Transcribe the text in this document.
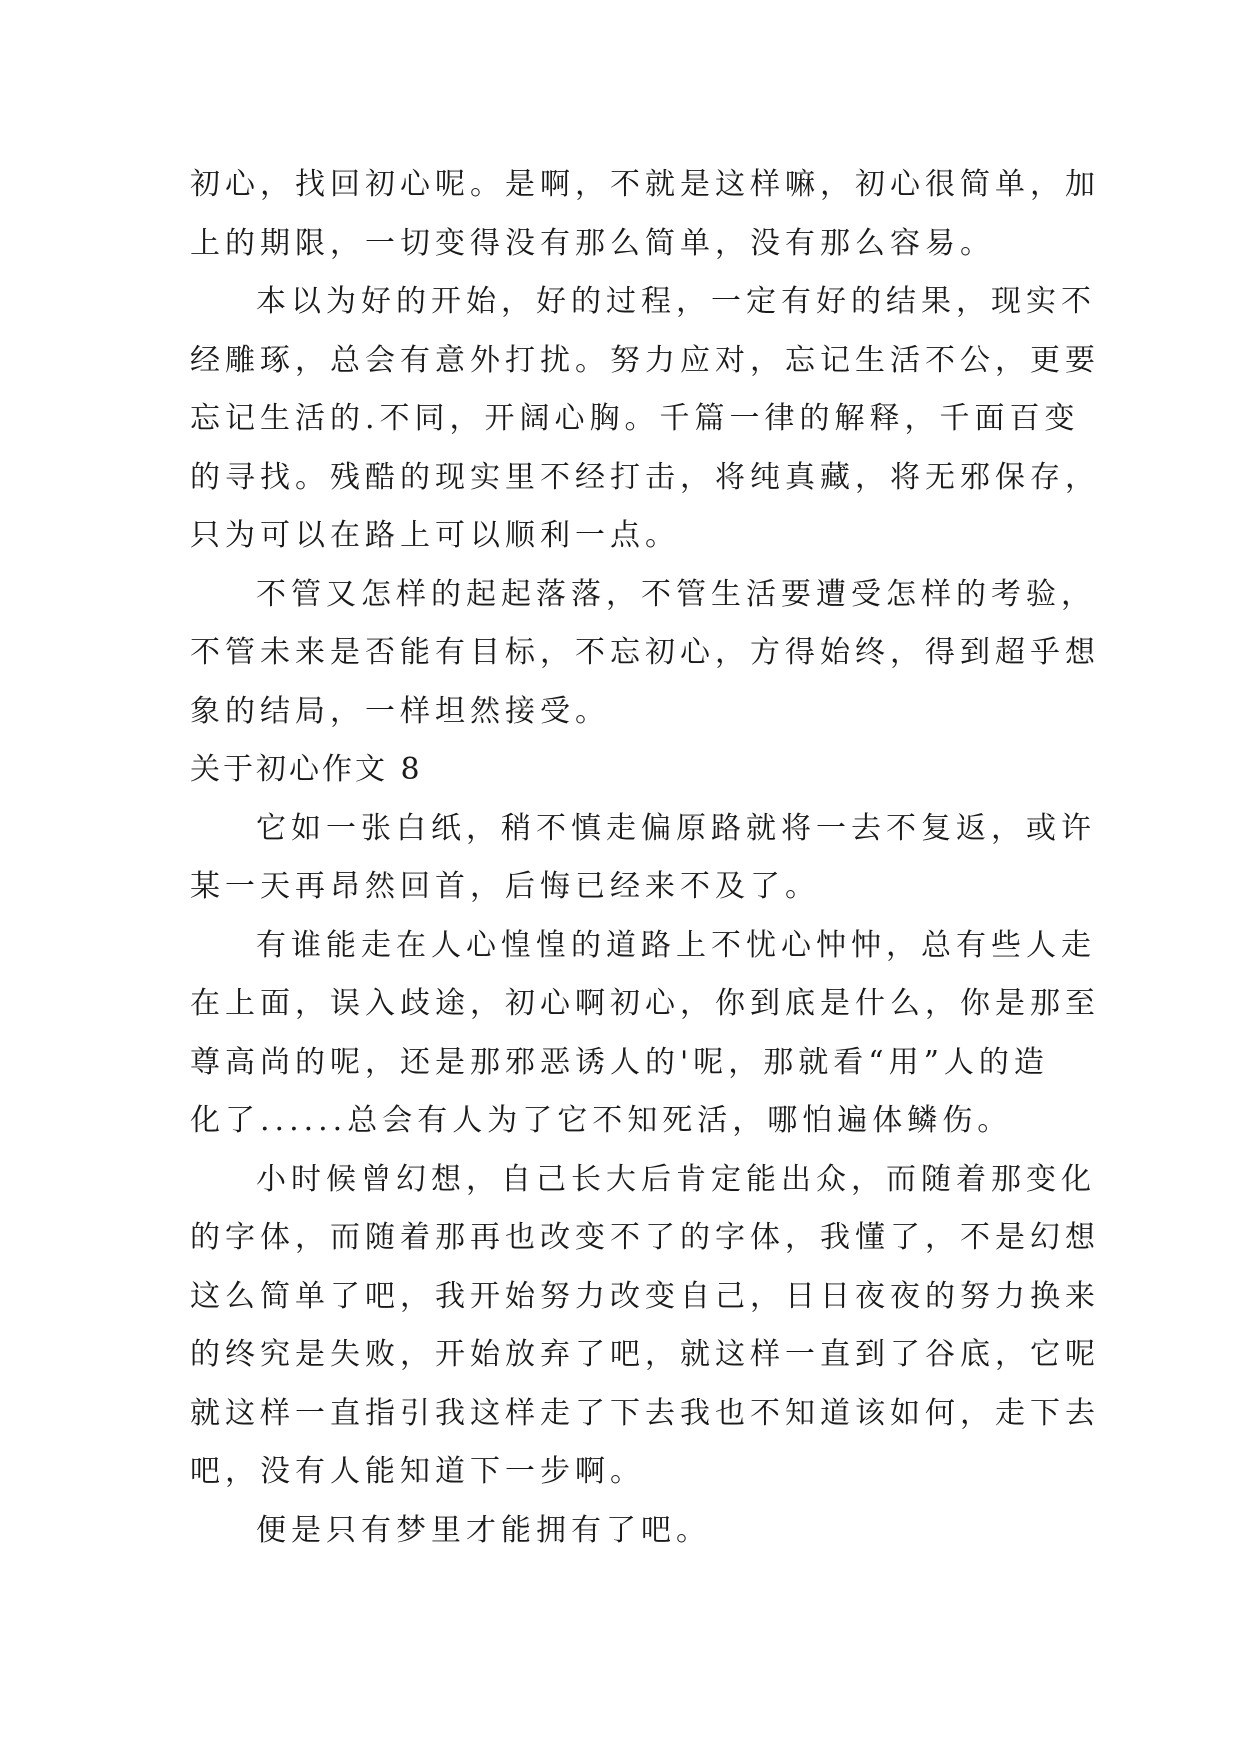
初心，找回初心呢。是啊，不就是这样嘛，初心很简单，加
上的期限，一切变得没有那么简单，没有那么容易。
本以为好的开始，好的过程，一定有好的结果，现实不
经雕琢，总会有意外打扰。努力应对，忘记生活不公，更要
忘记生活的.不同，开阔心胸。千篇一律的解释，千面百变
的寻找。残酷的现实里不经打击，将纯真藏，将无邪保存，
只为可以在路上可以顺利一点。
不管又怎样的起起落落，不管生活要遭受怎样的考验，
不管未来是否能有目标，不忘初心，方得始终，得到超乎想
象的结局，一样坦然接受。
关于初心作文 8
它如一张白纸，稍不慎走偏原路就将一去不复返，或许
某一天再昂然回首，后悔已经来不及了。
有谁能走在人心惶惶的道路上不忧心忡忡，总有些人走
在上面，误入歧途，初心啊初心，你到底是什么，你是那至
尊高尚的呢，还是那邪恶诱人的'呢，那就看“用”人的造
化了......总会有人为了它不知死活，哪怕遍体鳞伤。
小时候曾幻想，自己长大后肯定能出众，而随着那变化
的字体，而随着那再也改变不了的字体，我懂了，不是幻想
这么简单了吧，我开始努力改变自己，日日夜夜的努力换来
的终究是失败，开始放弃了吧，就这样一直到了谷底，它呢
就这样一直指引我这样走了下去我也不知道该如何，走下去
吧，没有人能知道下一步啊。
便是只有梦里才能拥有了吧。
